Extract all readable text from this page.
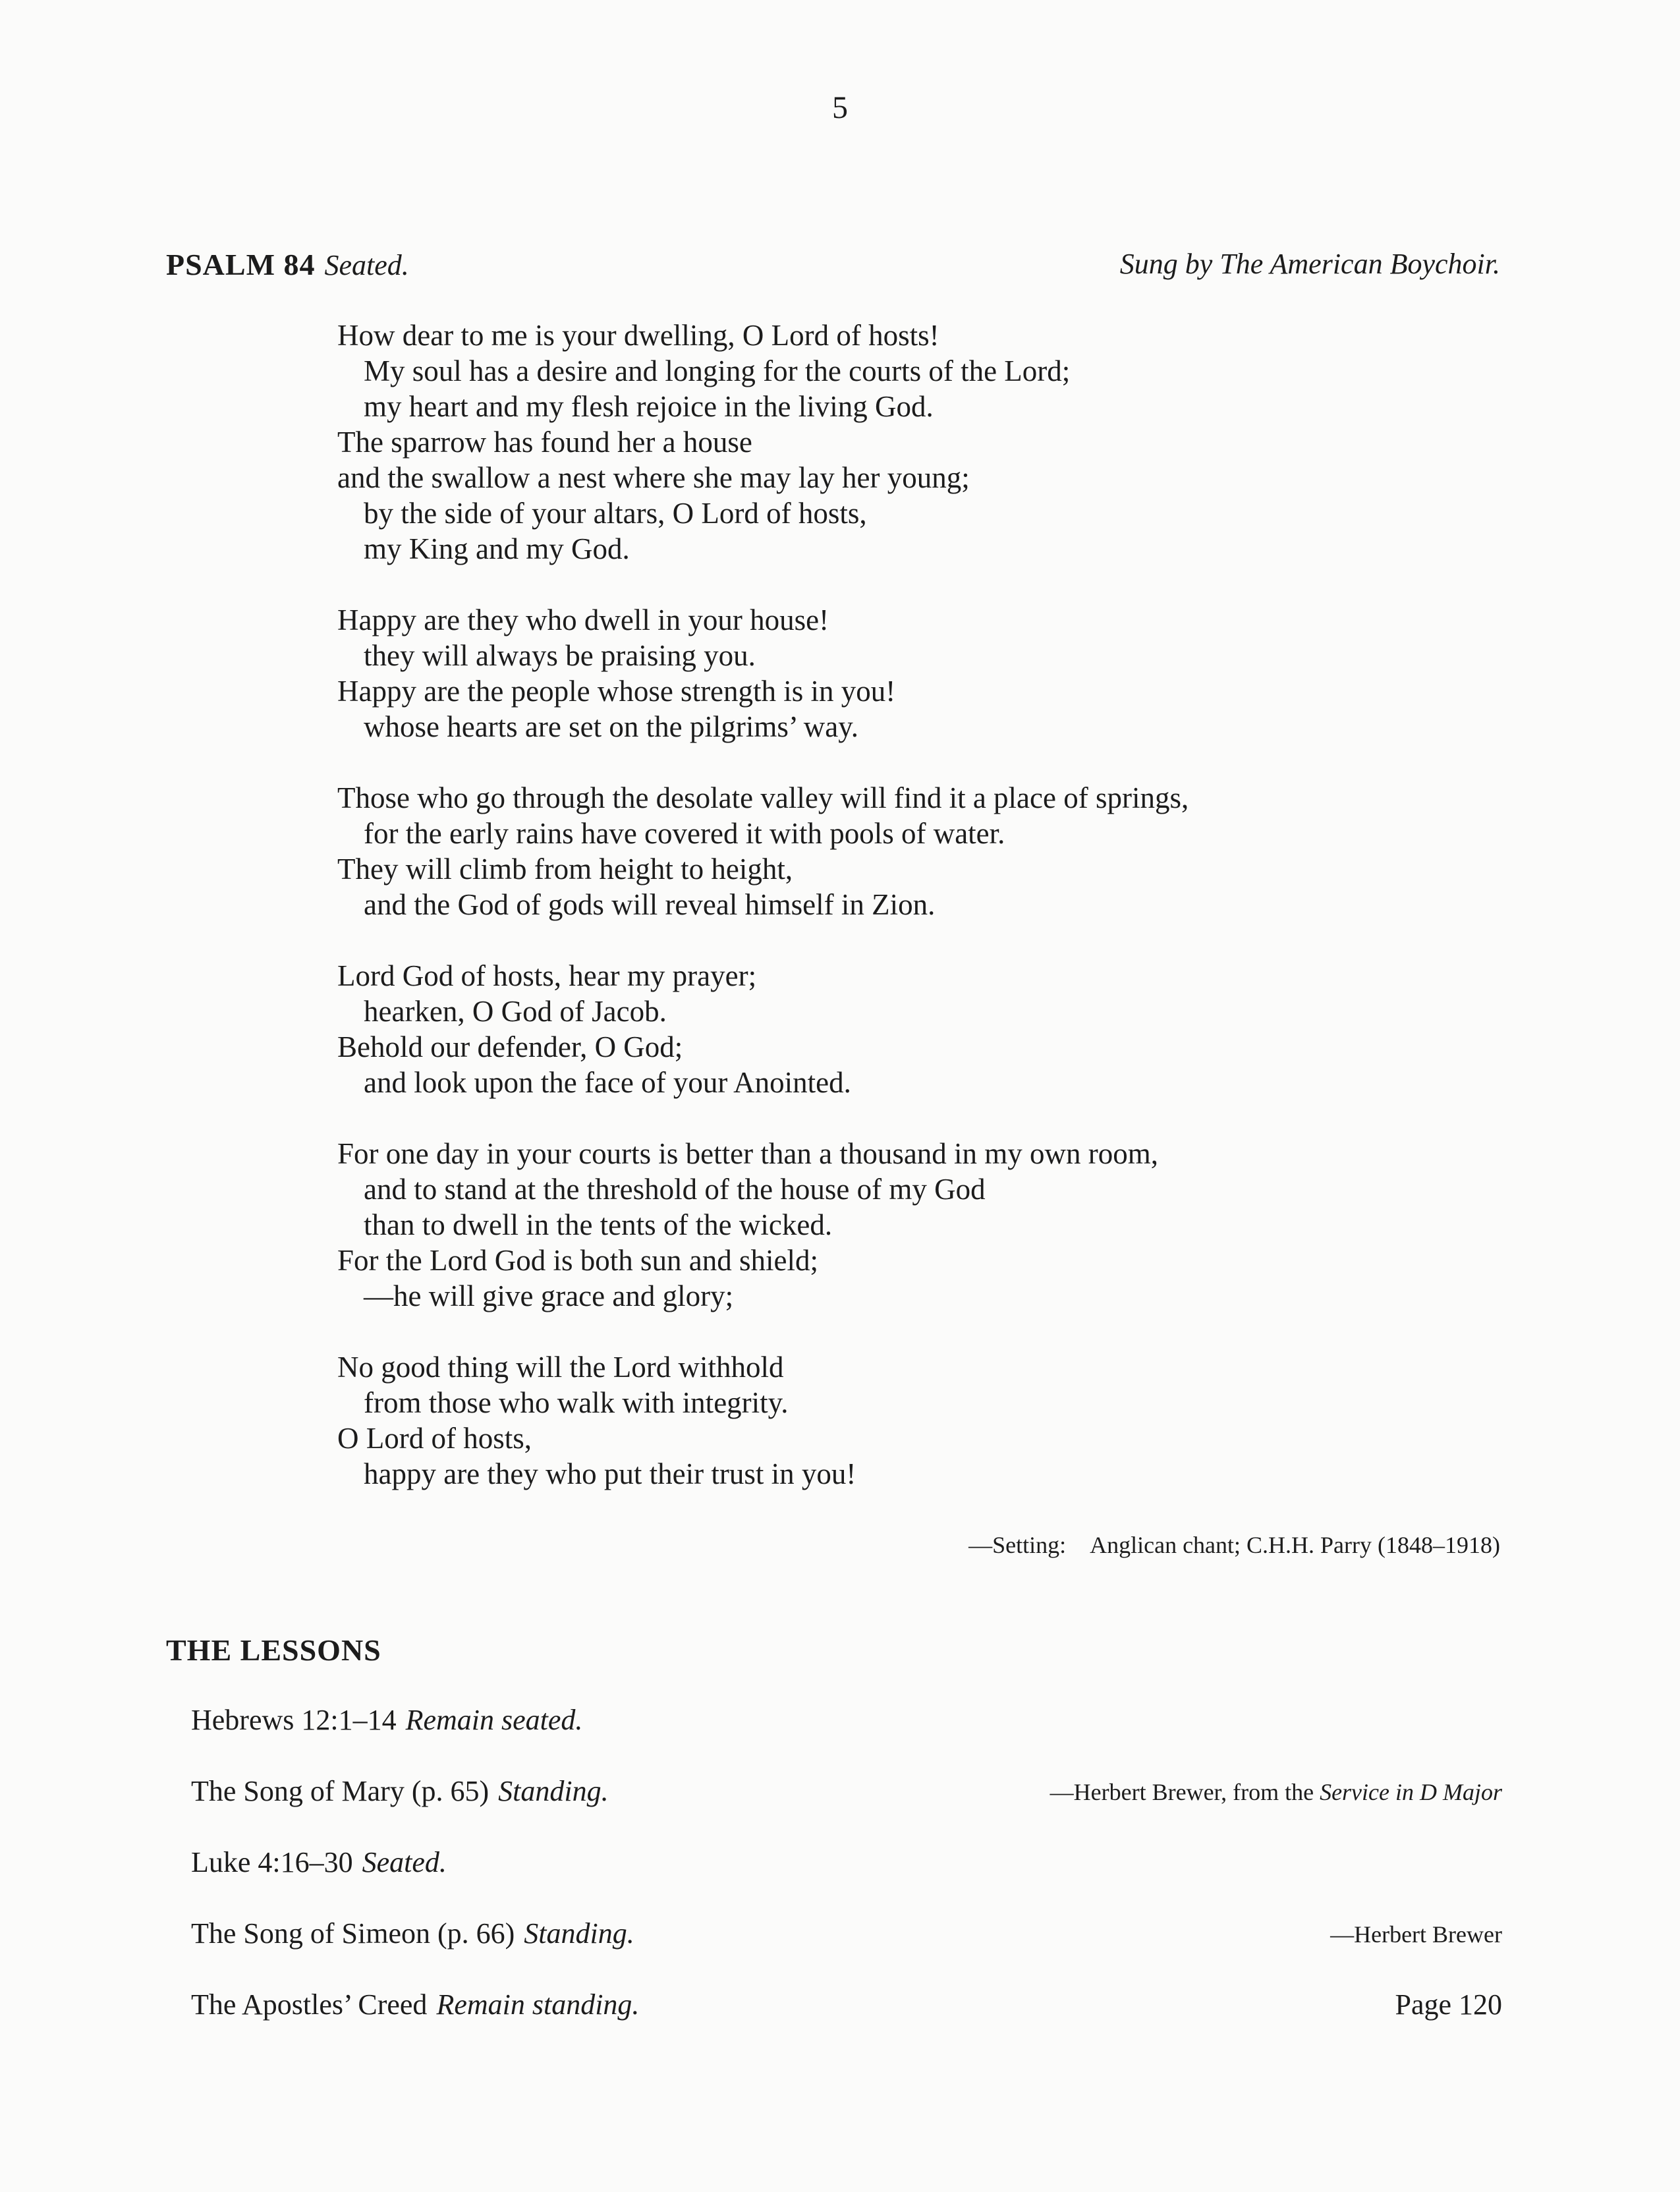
5
PSALM 84 Seated.	Sung by The American Boychoir.
How dear to me is your dwelling, O Lord of hosts!
My soul has a desire and longing for the courts of the Lord;
my heart and my flesh rejoice in the living God.
The sparrow has found her a house
and the swallow a nest where she may lay her young;
by the side of your altars, O Lord of hosts,
my King and my God.
Happy are they who dwell in your house!
they will always be praising you.
Happy are the people whose strength is in you!
whose hearts are set on the pilgrims’ way.
Those who go through the desolate valley will find it a place of springs,
for the early rains have covered it with pools of water.
They will climb from height to height,
and the God of gods will reveal himself in Zion.
Lord God of hosts, hear my prayer;
hearken, O God of Jacob.
Behold our defender, O God;
and look upon the face of your Anointed.
For one day in your courts is better than a thousand in my own room,
and to stand at the threshold of the house of my God
than to dwell in the tents of the wicked.
For the Lord God is both sun and shield;
—he will give grace and glory;
No good thing will the Lord withhold
from those who walk with integrity.
O Lord of hosts,
happy are they who put their trust in you!
—Setting: Anglican chant; C.H.H. Parry (1848–1918)
THE LESSONS
Hebrews 12:1–14 Remain seated.
The Song of Mary (p. 65) Standing.	—Herbert Brewer, from the Service in D Major
Luke 4:16–30 Seated.
The Song of Simeon (p. 66) Standing.	—Herbert Brewer
The Apostles’ Creed Remain standing.	Page 120
